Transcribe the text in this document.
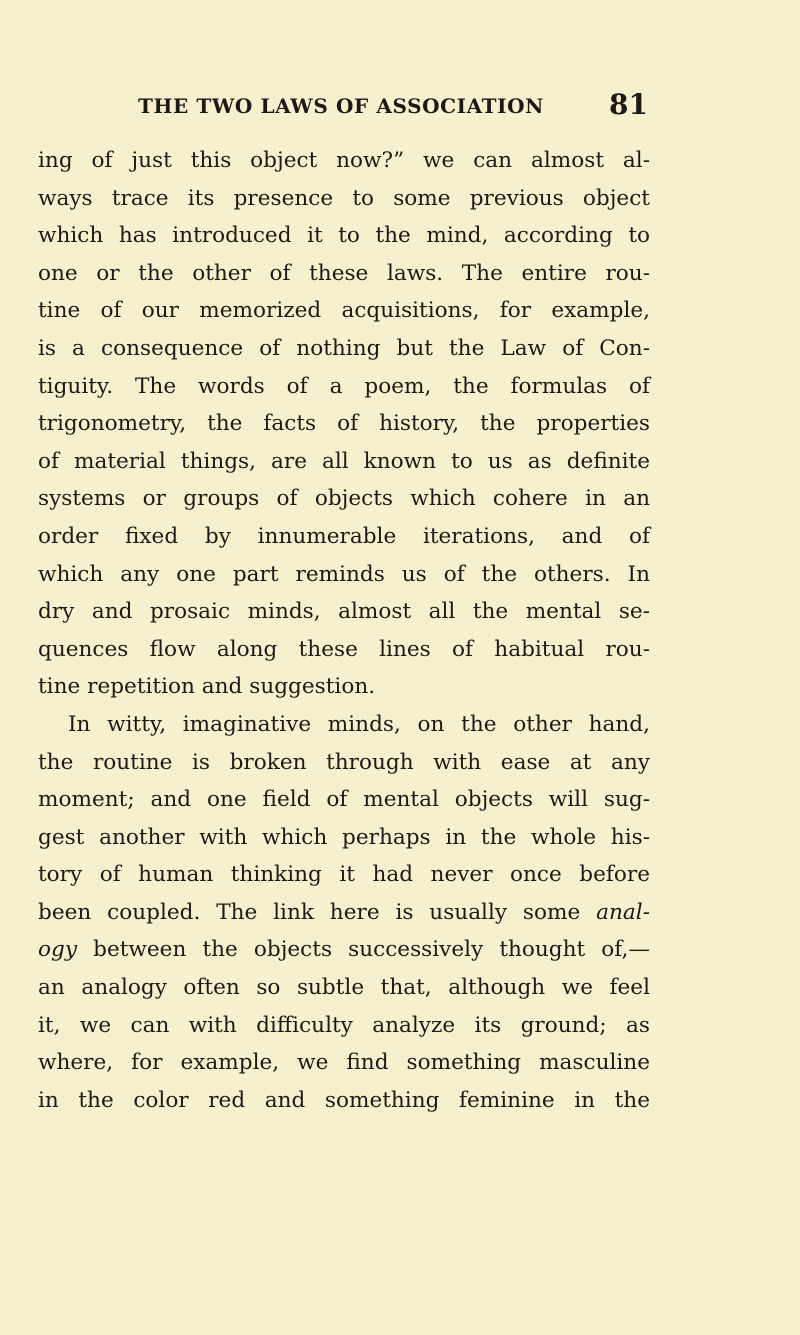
THE TWO LAWS OF ASSOCIATION 81
ing of just this object now?” we can almost al-
ways trace its presence to some previous object
which has introduced it to the mind, according to
one or the other of these laws. The entire rou-
tine of our memorized acquisitions, for example,
is a consequence of nothing but the Law of Con-
tiguity. The words of a poem, the formulas of
trigonometry, the facts of history, the properties
of material things, are all known to us as definite
systems or groups of objects which cohere in an
order fixed by innumerable iterations, and of
which any one part reminds us of the others. In
dry and prosaic minds, almost all the mental se-
quences flow along these lines of habitual rou-
tine repetition and suggestion.
In witty, imaginative minds, on the other hand,
the routine is broken through with ease at any
moment; and one field of mental objects will sug-
gest another with which perhaps in the whole his-
tory of human thinking it had never once before
been coupled. The link here is usually some anal-
ogy between the objects successively thought of,—
an analogy often so subtle that, although we feel
it, we can with difficulty analyze its ground; as
where, for example, we find something masculine
in the color red and something feminine in the
